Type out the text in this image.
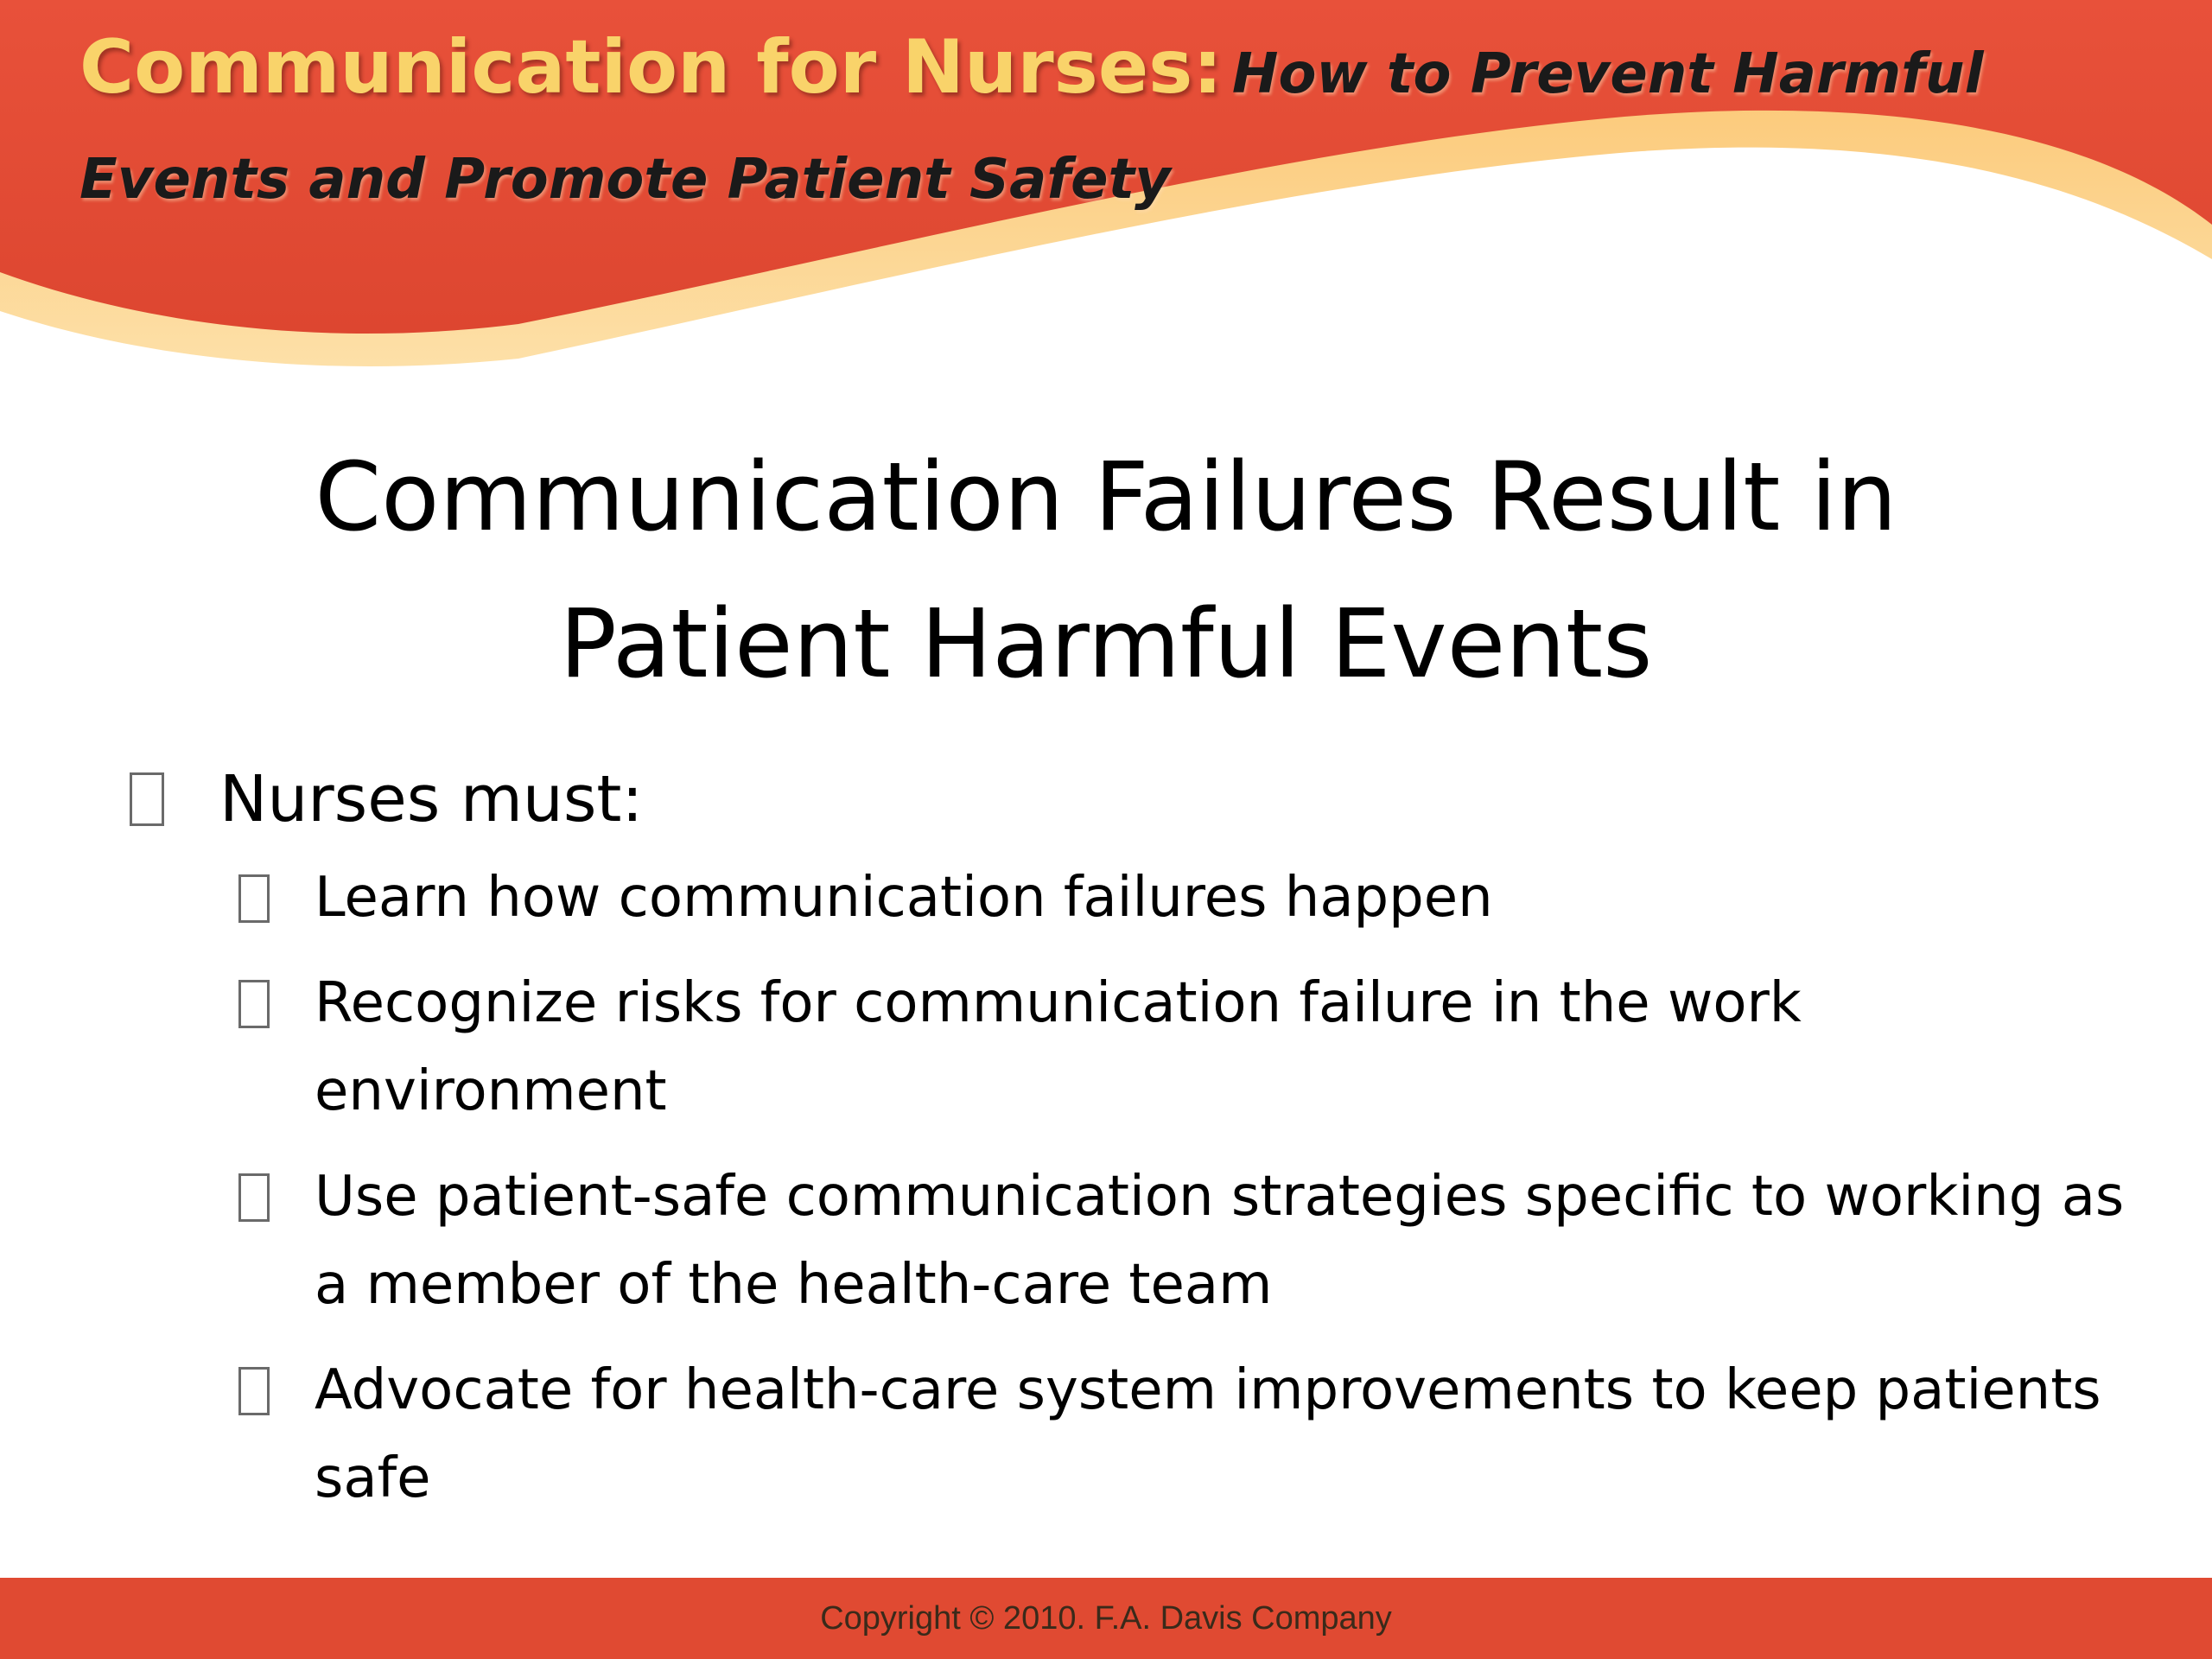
Communication for Nurses: How to Prevent Harmful Events and Promote Patient Safety
Communication Failures Result in Patient Harmful Events
Nurses must:
Learn how communication failures happen
Recognize risks for communication failure in the work environment
Use patient-safe communication strategies specific to working as a member of the health-care team
Advocate for health-care system improvements to keep patients safe
Copyright © 2010. F.A. Davis Company
